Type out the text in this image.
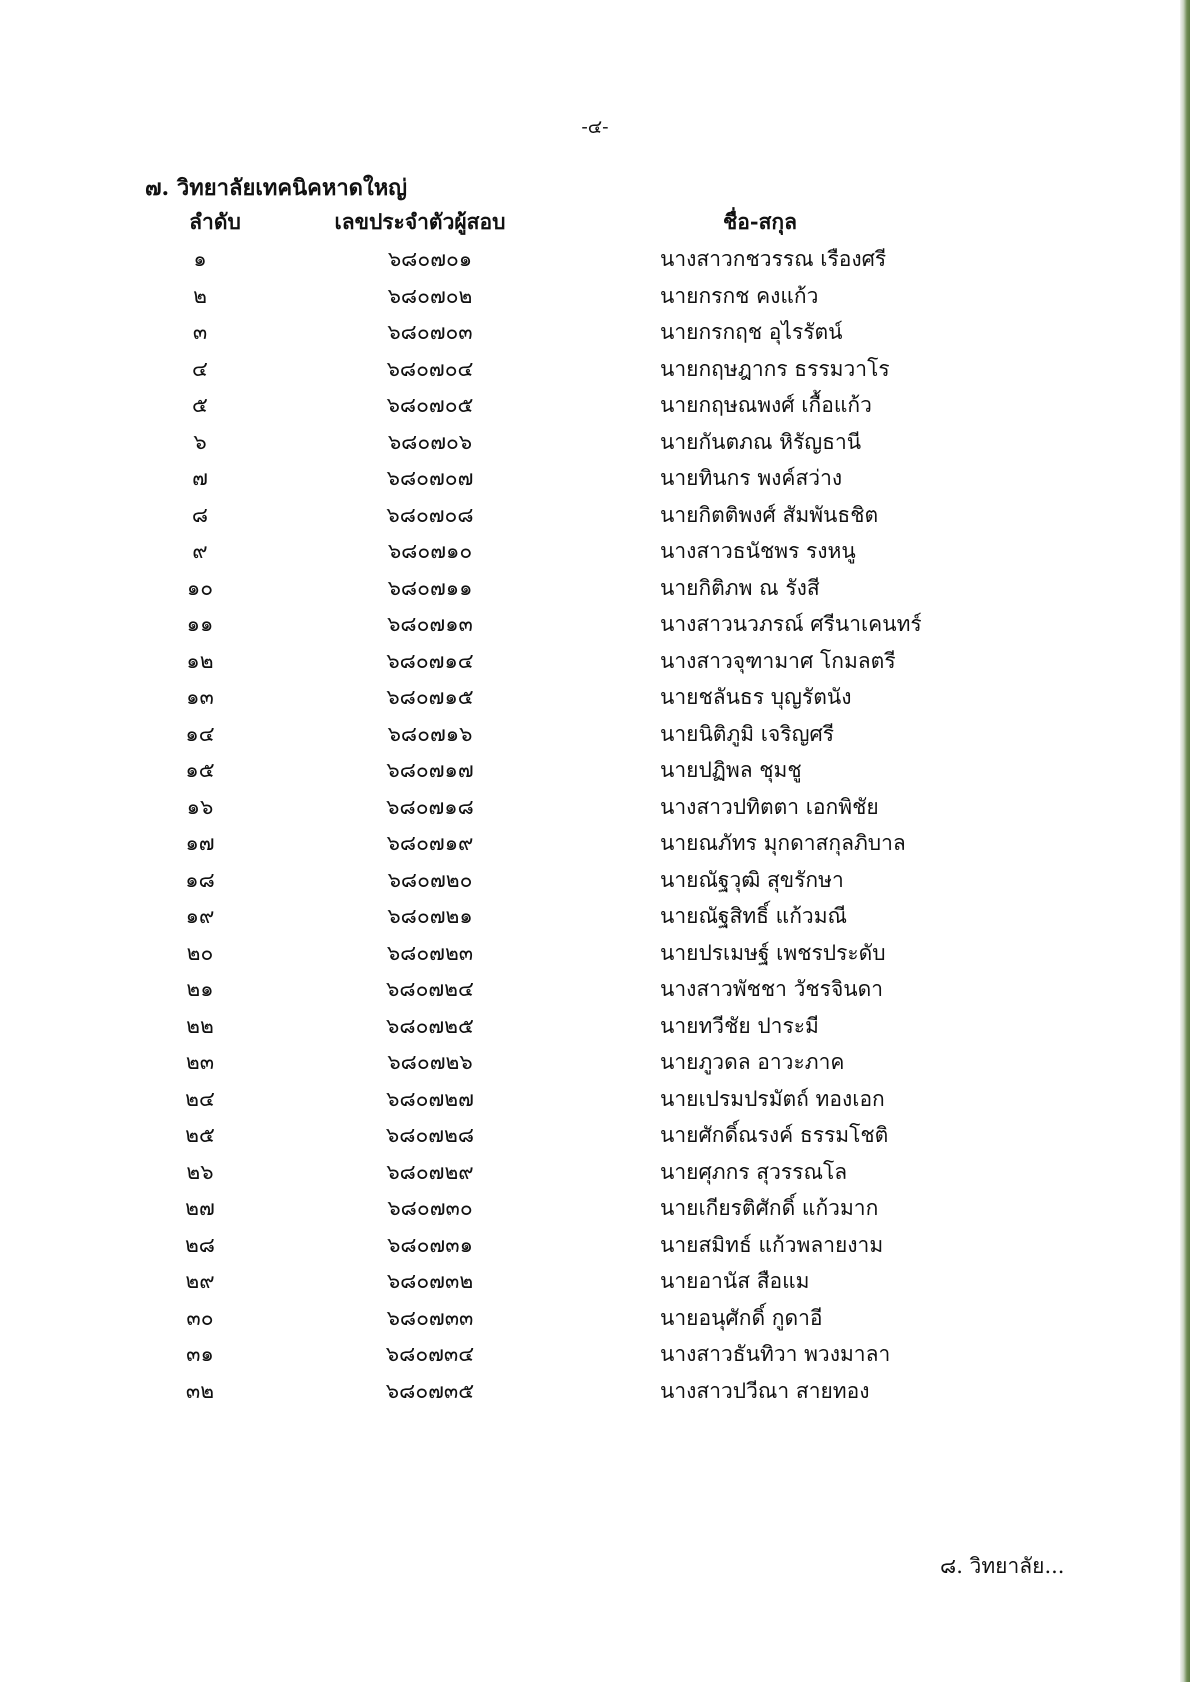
-๔-
๗. วิทยาลัยเทคนิคหาดใหญ่
ลำดับ	เลขประจำตัวผู้สอบ	ชื่อ-สกุล
๑	๖๘๐๗๐๑	นางสาวกชวรรณ เรืองศรี
๒	๖๘๐๗๐๒	นายกรกช คงแก้ว
๓	๖๘๐๗๐๓	นายกรกฤช อุไรรัตน์
๔	๖๘๐๗๐๔	นายกฤษฎากร ธรรมวาโร
๕	๖๘๐๗๐๕	นายกฤษณพงศ์ เกื้อแก้ว
๖	๖๘๐๗๐๖	นายกันตภณ หิรัญธานี
๗	๖๘๐๗๐๗	นายทินกร พงค์สว่าง
๘	๖๘๐๗๐๘	นายกิตติพงศ์ สัมพันธชิต
๙	๖๘๐๗๑๐	นางสาวธนัชพร รงหนู
๑๐	๖๘๐๗๑๑	นายกิติภพ ณ รังสี
๑๑	๖๘๐๗๑๓	นางสาวนวภรณ์ ศรีนาเคนทร์
๑๒	๖๘๐๗๑๔	นางสาวจุฑามาศ โกมลตรี
๑๓	๖๘๐๗๑๕	นายชลันธร บุญรัตนัง
๑๔	๖๘๐๗๑๖	นายนิติภูมิ เจริญศรี
๑๕	๖๘๐๗๑๗	นายปฏิพล ชุมชู
๑๖	๖๘๐๗๑๘	นางสาวปทิตตา เอกพิชัย
๑๗	๖๘๐๗๑๙	นายณภัทร มุกดาสกุลภิบาล
๑๘	๖๘๐๗๒๐	นายณัฐวุฒิ สุขรักษา
๑๙	๖๘๐๗๒๑	นายณัฐสิทธิ์ แก้วมณี
๒๐	๖๘๐๗๒๓	นายปรเมษฐ์ เพชรประดับ
๒๑	๖๘๐๗๒๔	นางสาวพัชชา วัชรจินดา
๒๒	๖๘๐๗๒๕	นายทวีชัย ปาระมี
๒๓	๖๘๐๗๒๖	นายภูวดล อาวะภาค
๒๔	๖๘๐๗๒๗	นายเปรมปรมัตถ์ ทองเอก
๒๕	๖๘๐๗๒๘	นายศักดิ์ณรงค์ ธรรมโชติ
๒๖	๖๘๐๗๒๙	นายศุภกร สุวรรณโล
๒๗	๖๘๐๗๓๐	นายเกียรติศักดิ์ แก้วมาก
๒๘	๖๘๐๗๓๑	นายสมิทธ์ แก้วพลายงาม
๒๙	๖๘๐๗๓๒	นายอานัส สือแม
๓๐	๖๘๐๗๓๓	นายอนุศักดิ์ กูดาอี
๓๑	๖๘๐๗๓๔	นางสาวธันทิวา พวงมาลา
๓๒	๖๘๐๗๓๕	นางสาวปวีณา สายทอง
๘. วิทยาลัย...
